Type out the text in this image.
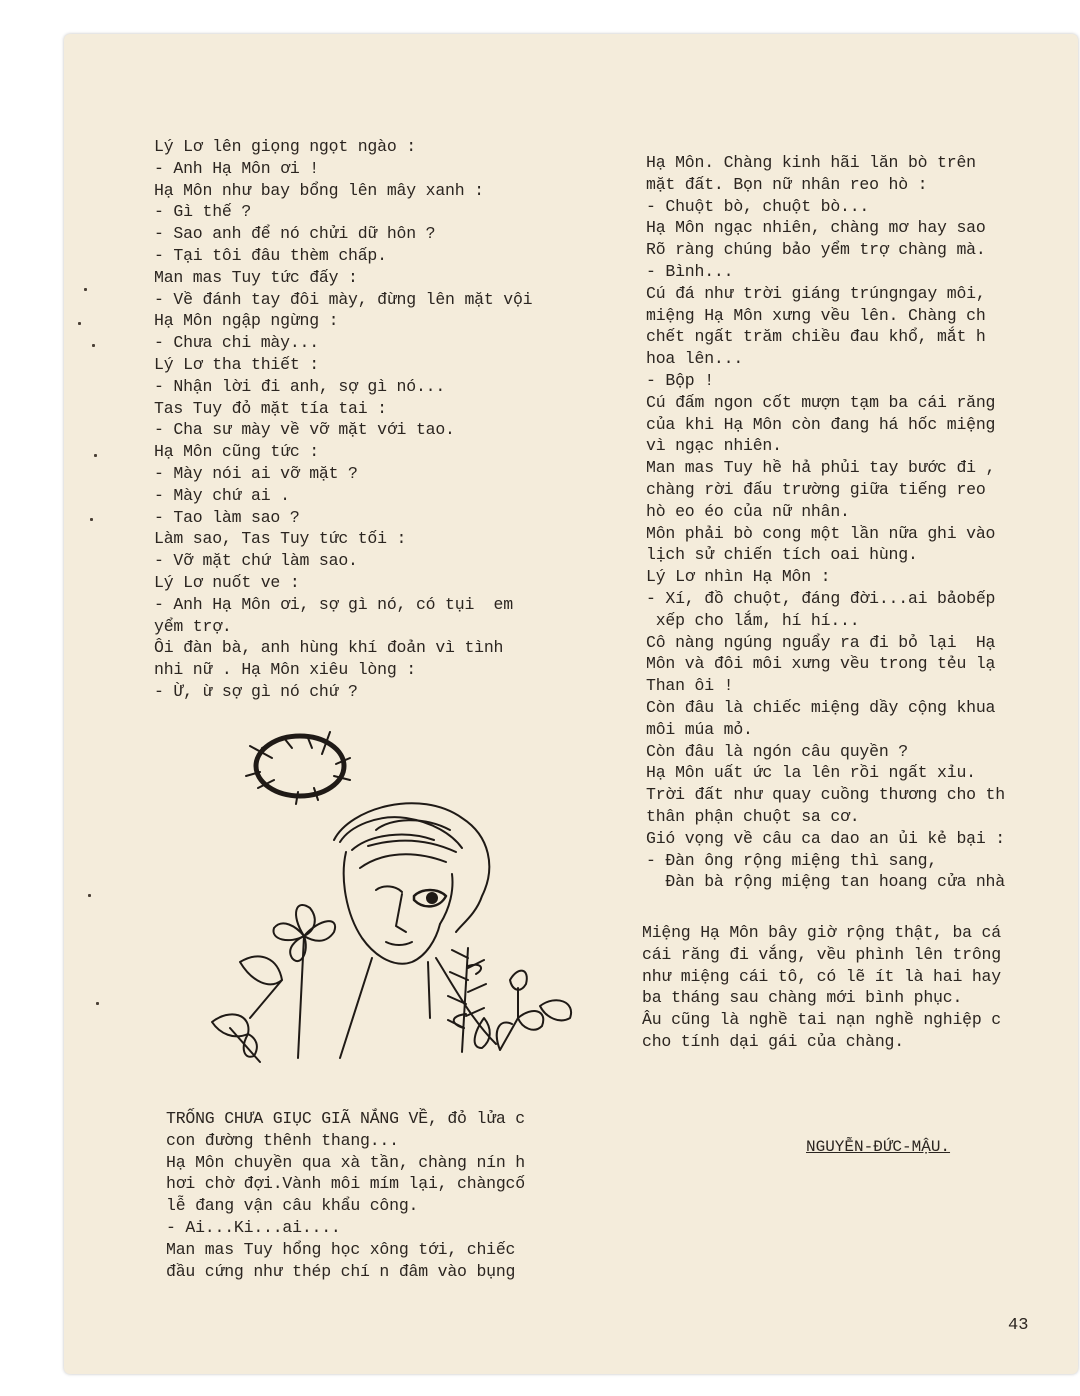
Lý Lơ lên giọng ngọt ngào :
- Anh Hạ Môn ơi !
Hạ Môn như bay bổng lên mây xanh :
- Gì thế ?
- Sao anh để nó chửi dữ hôn ?
- Tại tôi đâu thèm chấp.
Man mas Tuy tức đấy :
- Về đánh tay đôi mày, đừng lên mặt vội
Hạ Môn ngập ngừng :
- Chưa chi mày...
Lý Lơ tha thiết :
- Nhận lời đi anh, sợ gì nó...
Tas Tuy đỏ mặt tía tai :
- Cha sư mày về vỡ mặt với tao.
Hạ Môn cũng tức :
- Mày nói ai vỡ mặt ?
- Mày chứ ai .
- Tao làm sao ?
Làm sao, Tas Tuy tức tối :
- Vỡ mặt chứ làm sao.
Lý Lơ nuốt ve :
- Anh Hạ Môn ơi, sợ gì nó, có tụi  em
yểm trợ.
Ôi đàn bà, anh hùng khí đoản vì tình
nhi nữ . Hạ Môn xiêu lòng :
- Ừ, ừ sợ gì nó chứ ?
TRỐNG CHƯA GIỤC GIÃ NẮNG VỀ, đỏ lửa c
con đường thênh thang...
Hạ Môn chuyền qua xà tần, chàng nín h
hơi chờ đợi.Vành môi mím lại, chàngcố
lễ đang vận câu khẩu công.
- Ai...Ki...ai....
Man mas Tuy hổng học xông tới, chiếc
đầu cứng như thép chí n đâm vào bụng
Hạ Môn. Chàng kinh hãi lăn bò trên
mặt đất. Bọn nữ nhân reo hò :
- Chuột bò, chuột bò...
Hạ Môn ngạc nhiên, chàng mơ hay sao
Rõ ràng chúng bảo yểm trợ chàng mà.
- Bình...
Cú đá như trời giáng trúngngay môi,
miệng Hạ Môn xưng vều lên. Chàng ch
chết ngất trăm chiều đau khổ, mắt h
hoa lên...
- Bộp !
Cú đấm ngon cốt mượn tạm ba cái răng
của khi Hạ Môn còn đang há hốc miệng
vì ngạc nhiên.
Man mas Tuy hề hả phủi tay bước đi ,
chàng rời đấu trường giữa tiếng reo
hò eo éo của nữ nhân.
Môn phải bò cong một lần nữa ghi vào
lịch sử chiến tích oai hùng.
Lý Lơ nhìn Hạ Môn :
- Xí, đồ chuột, đáng đời...ai bảobếp
xếp cho lắm, hí hí...
Cô nàng ngúng nguẩy ra đi bỏ lại  Hạ
Môn và đôi môi xưng vều trong tẻu lạ
Than ôi !
Còn đâu là chiếc miệng dầy cộng khua
môi múa mỏ.
Còn đâu là ngón câu quyền ?
Hạ Môn uất ức la lên rồi ngất xỉu.
Trời đất như quay cuồng thương cho th
thân phận chuột sa cơ.
Gió vọng về câu ca dao an ủi kẻ bại :
- Đàn ông rộng miệng thì sang,
Đàn bà rộng miệng tan hoang cửa nhà
Miệng Hạ Môn bây giờ rộng thật, ba cá
cái răng đi vắng, vều phình lên trông
như miệng cái tô, có lẽ ít là hai hay
ba tháng sau chàng mới bình phục.
Âu cũng là nghề tai nạn nghề nghiệp c
cho tính dại gái của chàng.
NGUYỄN-ĐỨC-MẬU.
43
